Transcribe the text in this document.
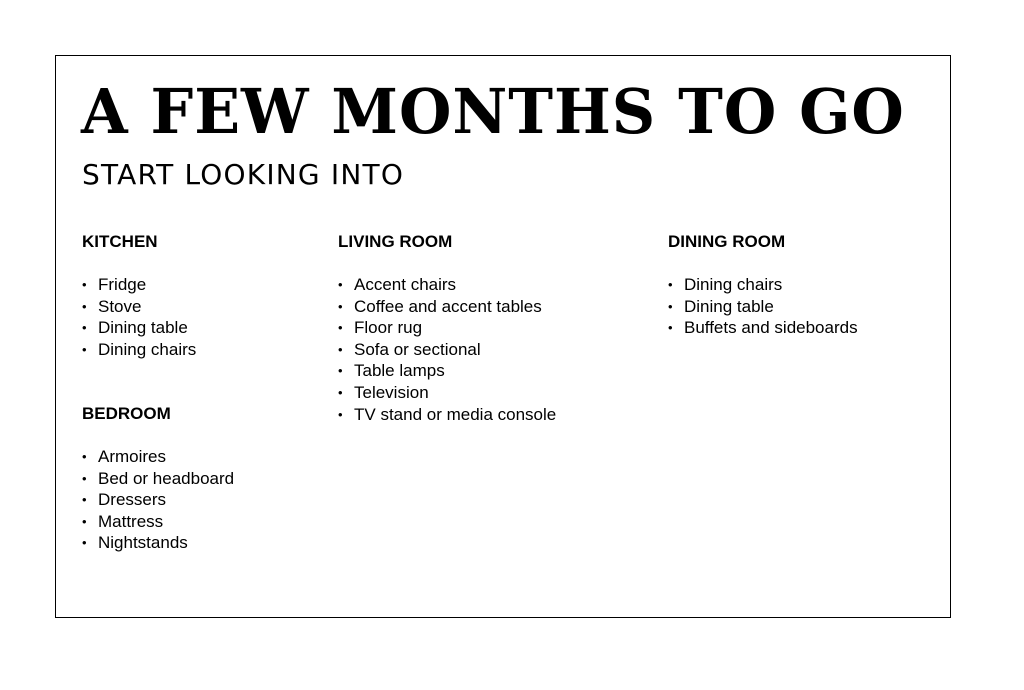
A FEW MONTHS TO GO
START LOOKING INTO
KITCHEN
• Fridge
• Stove
• Dining table
• Dining chairs
BEDROOM
• Armoires
• Bed or headboard
• Dressers
• Mattress
• Nightstands
LIVING ROOM
• Accent chairs
• Coffee and accent tables
• Floor rug
• Sofa or sectional
• Table lamps
• Television
• TV stand or media console
DINING ROOM
• Dining chairs
• Dining table
• Buffets and sideboards
